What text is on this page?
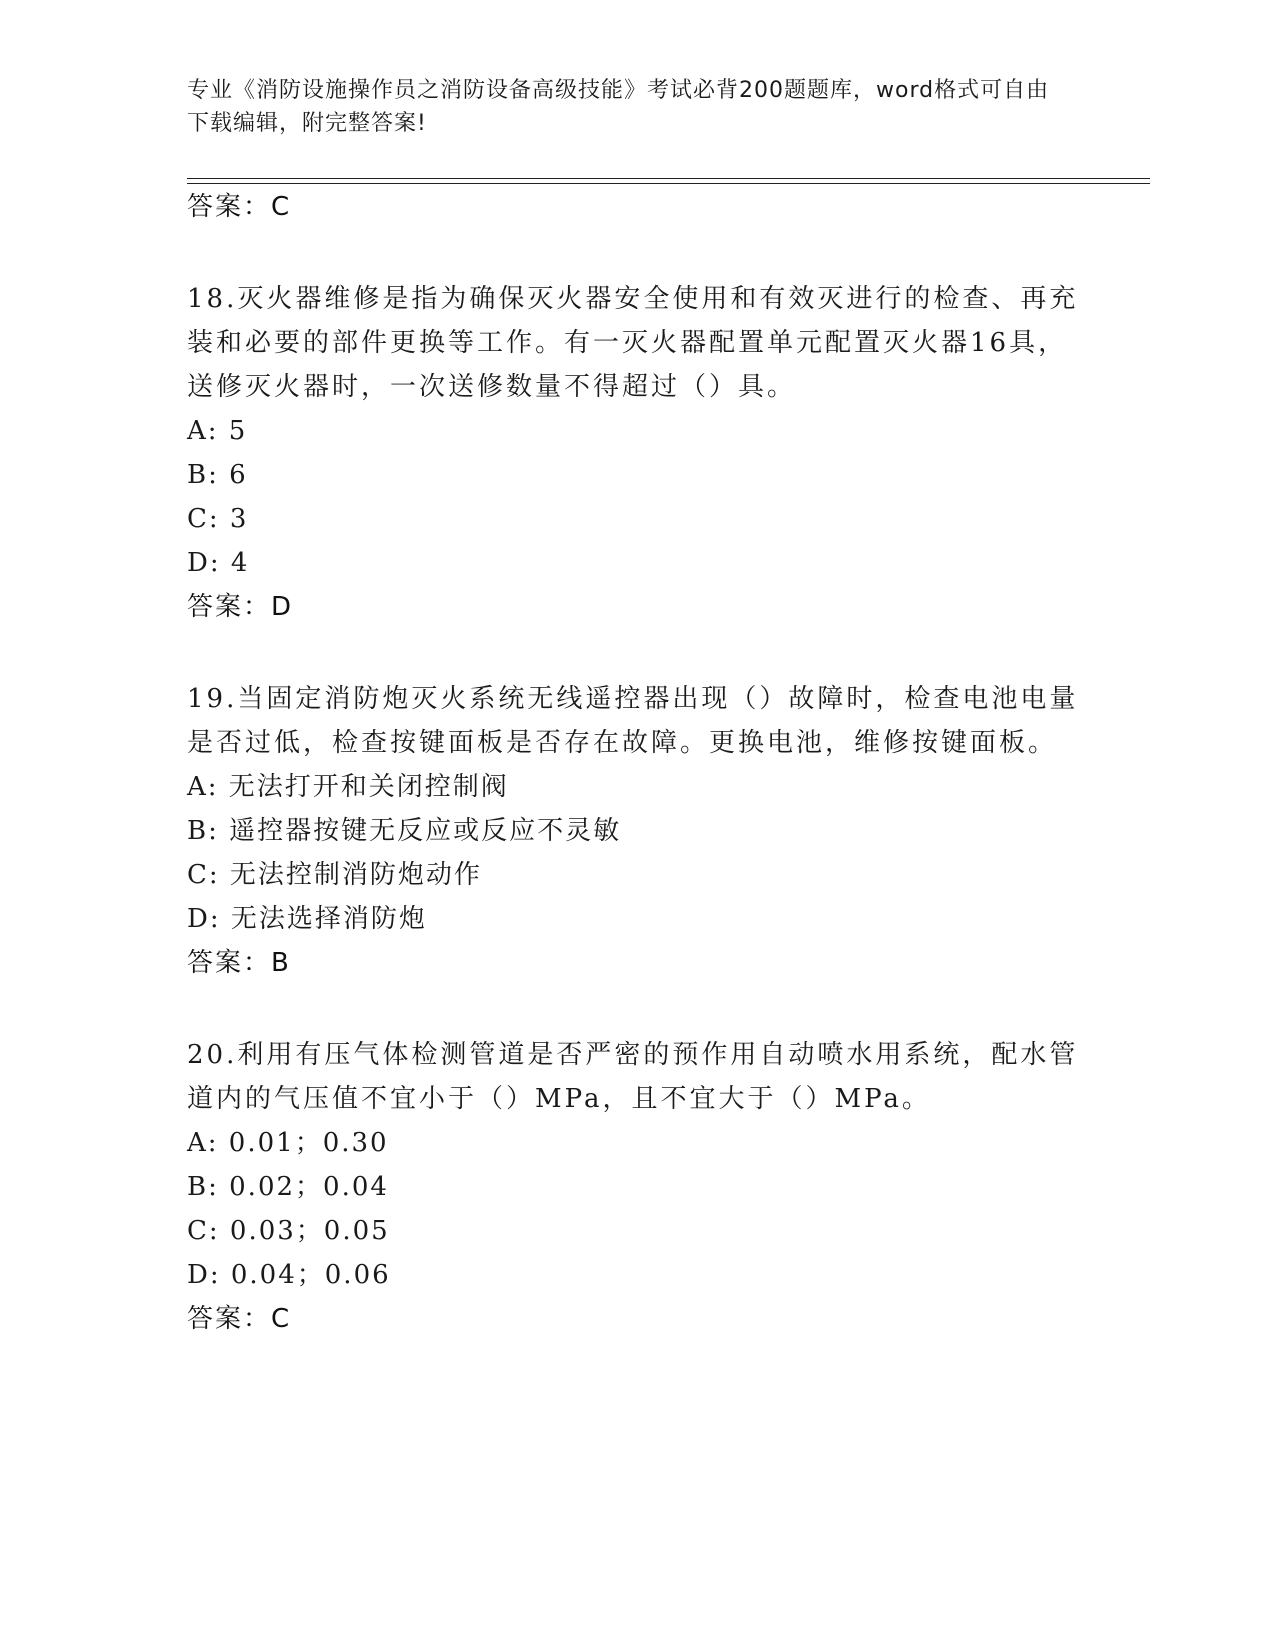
专业《消防设施操作员之消防设备高级技能》考试必背200题题库，word格式可自由下载编辑，附完整答案!
答案：C
18.灭火器维修是指为确保灭火器安全使用和有效灭进行的检查、再充
装和必要的部件更换等工作。有一灭火器配置单元配置灭火器16具，
送修灭火器时，一次送修数量不得超过（）具。
A: 5
B: 6
C: 3
D: 4
答案：D
19.当固定消防炮灭火系统无线遥控器出现（）故障时，检查电池电量
是否过低，检查按键面板是否存在故障。更换电池，维修按键面板。
A: 无法打开和关闭控制阀
B: 遥控器按键无反应或反应不灵敏
C: 无法控制消防炮动作
D: 无法选择消防炮
答案：B
20.利用有压气体检测管道是否严密的预作用自动喷水用系统，配水管
道内的气压值不宜小于（）MPa，且不宜大于（）MPa。
A: 0.01；0.30
B: 0.02；0.04
C: 0.03；0.05
D: 0.04；0.06
答案：C
